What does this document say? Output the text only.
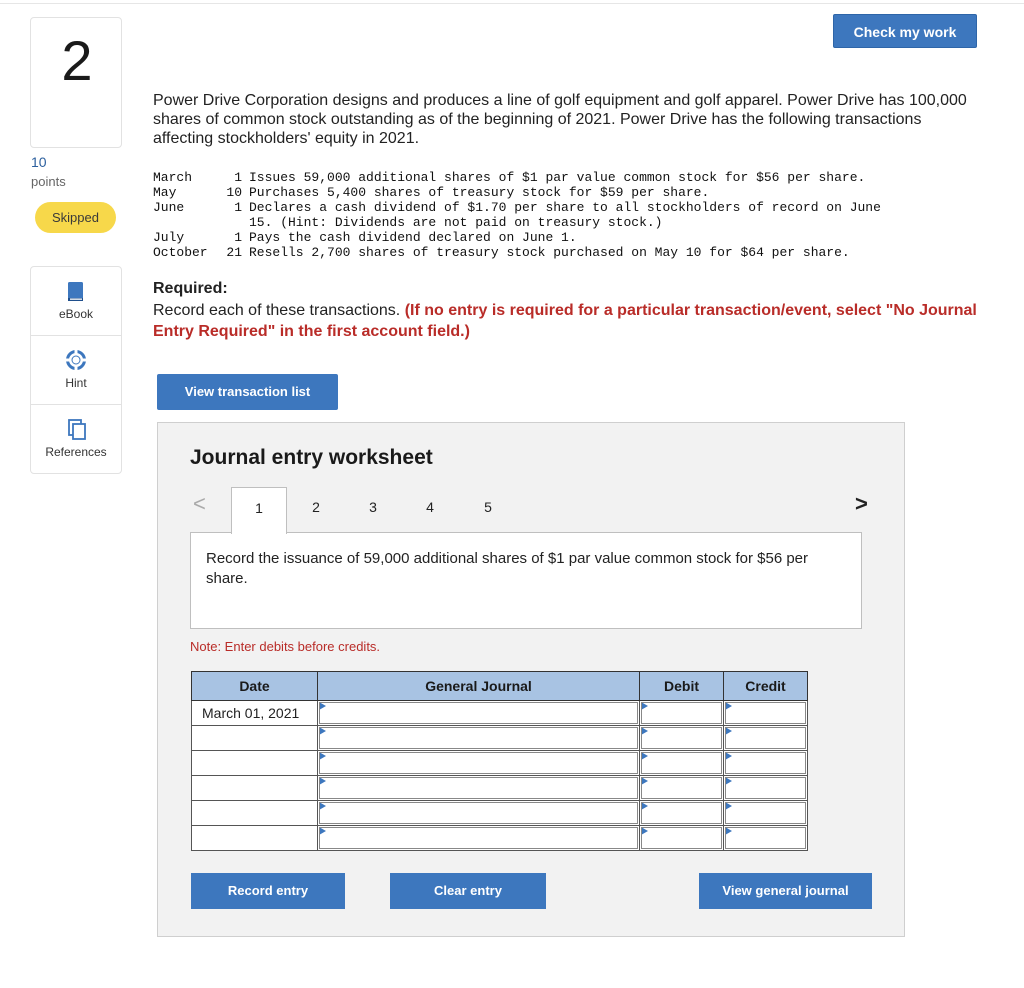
2
10
points
Skipped
eBook
Hint
References
Check my work
Power Drive Corporation designs and produces a line of golf equipment and golf apparel. Power Drive has 100,000 shares of common stock outstanding as of the beginning of 2021. Power Drive has the following transactions affecting stockholders' equity in 2021.
March	1 Issues 59,000 additional shares of $1 par value common stock for $56 per share.
May	10 Purchases 5,400 shares of treasury stock for $59 per share.
June	1 Declares a cash dividend of $1.70 per share to all stockholders of record on June
15. (Hint: Dividends are not paid on treasury stock.)
July	1 Pays the cash dividend declared on June 1.
October	21 Resells 2,700 shares of treasury stock purchased on May 10 for $64 per share.
Required:
Record each of these transactions. (If no entry is required for a particular transaction/event, select "No Journal Entry Required" in the first account field.)
View transaction list
Journal entry worksheet
<	>
1	2	3	4	5
Record the issuance of 59,000 additional shares of $1 par value common stock for $56 per share.
Note: Enter debits before credits.
Date	General Journal	Debit	Credit
March 01, 2021	

Record entry	Clear entry	View general journal
